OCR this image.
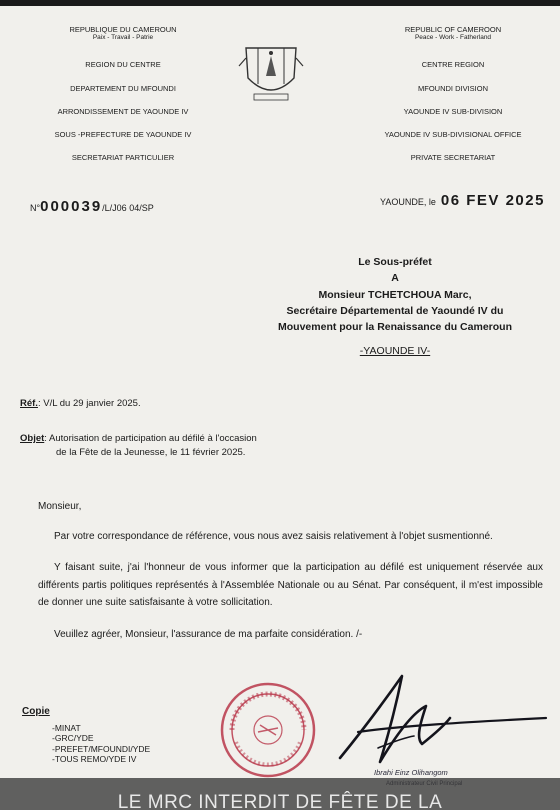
REPUBLIQUE DU CAMEROUN
Paix - Travail - Patrie
REGION DU CENTRE
DEPARTEMENT DU MFOUNDI
ARRONDISSEMENT DE YAOUNDE IV
SOUS -PREFECTURE DE YAOUNDE IV
SECRETARIAT PARTICULIER
REPUBLIC OF CAMEROON
Peace - Work - Fatherland
CENTRE REGION
MFOUNDI DIVISION
YAOUNDE IV SUB-DIVISION
YAOUNDE IV SUB-DIVISIONAL OFFICE
PRIVATE SECRETARIAT
N°000039/L/J06 04/SP
YAOUNDE, le 06 FEV 2025
Le Sous-préfet
A
Monsieur TCHETCHOUA Marc,
Secrétaire Départemental de Yaoundé IV du
Mouvement pour la Renaissance du Cameroun
-YAOUNDE IV-
Réf.: V/L du 29 janvier 2025.
Objet: Autorisation de participation au défilé à l'occasion
de la Fête de la Jeunesse, le 11 février 2025.

Monsieur,

Par votre correspondance de référence, vous nous avez saisis relativement à l'objet susmentionné.

Y faisant suite, j'ai l'honneur de vous informer que la participation au défilé est uniquement réservée aux différents partis politiques représentés à l'Assemblée Nationale ou au Sénat. Par conséquent, il m'est impossible de donner une suite satisfaisante à votre sollicitation.

Veuillez agréer, Monsieur, l'assurance de ma parfaite considération. /-

Copie
-MINAT
-GRC/YDE
-PREFET/MFOUNDI/YDE
-TOUS REMO/YDE IV
Ibrahi Einz Olihangom
LE MRC INTERDIT DE FÊTE DE LA
